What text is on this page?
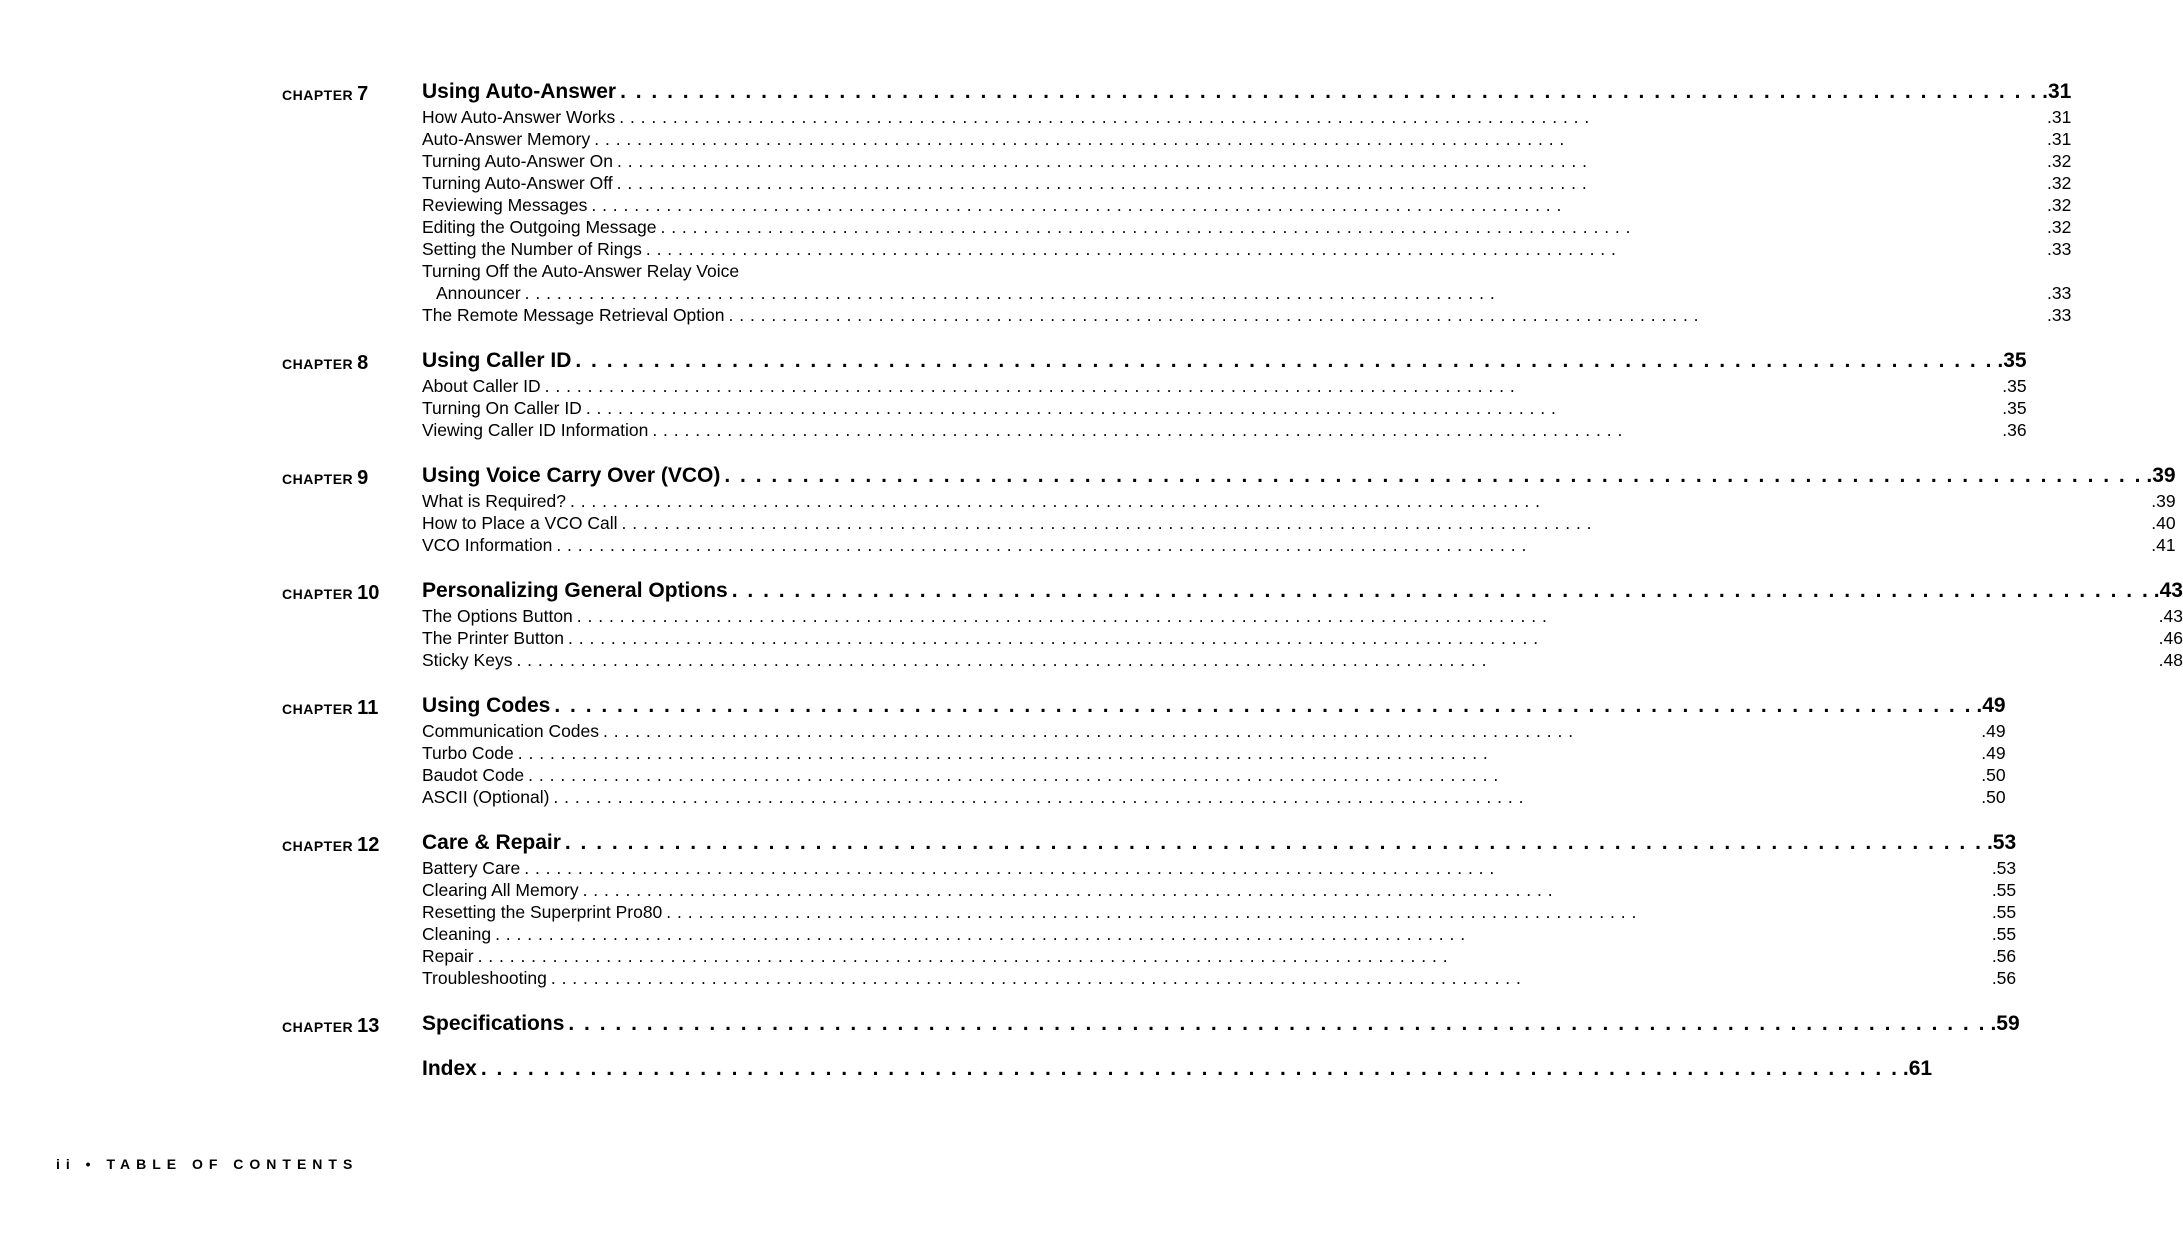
CHAPTER 7	Using Auto-Answer . . .	.31
How Auto-Answer Works . . .	.31
Auto-Answer Memory . . .	.31
Turning Auto-Answer On . . .	.32
Turning Auto-Answer Off . . .	.32
Reviewing Messages . . .	.32
Editing the Outgoing Message . . .	.32
Setting the Number of Rings . . .	.33
Turning Off the Auto-Answer Relay Voice
Announcer . . .	.33
The Remote Message Retrieval Option . . .	.33
CHAPTER 8	Using Caller ID . . .	.35
About Caller ID . . .	.35
Turning On Caller ID . . .	.35
Viewing Caller ID Information . . .	.36
CHAPTER 9	Using Voice Carry Over (VCO) . . .	.39
What is Required? . . .	.39
How to Place a VCO Call . . .	.40
VCO Information . . .	.41
CHAPTER 10	Personalizing General Options . . .	.43
The Options Button . . .	.43
The Printer Button . . .	.46
Sticky Keys . . .	.48
CHAPTER 11	Using Codes . . .	.49
Communication Codes . . .	.49
Turbo Code . . .	.49
Baudot Code . . .	.50
ASCII (Optional) . . .	.50
CHAPTER 12	Care & Repair . . .	.53
Battery Care . . .	.53
Clearing All Memory . . .	.55
Resetting the Superprint Pro80 . . .	.55
Cleaning . . .	.55
Repair . . .	.56
Troubleshooting . . .	.56
CHAPTER 13	Specifications . . .	.59
Index . . .	.61
ii • TABLE OF CONTENTS
